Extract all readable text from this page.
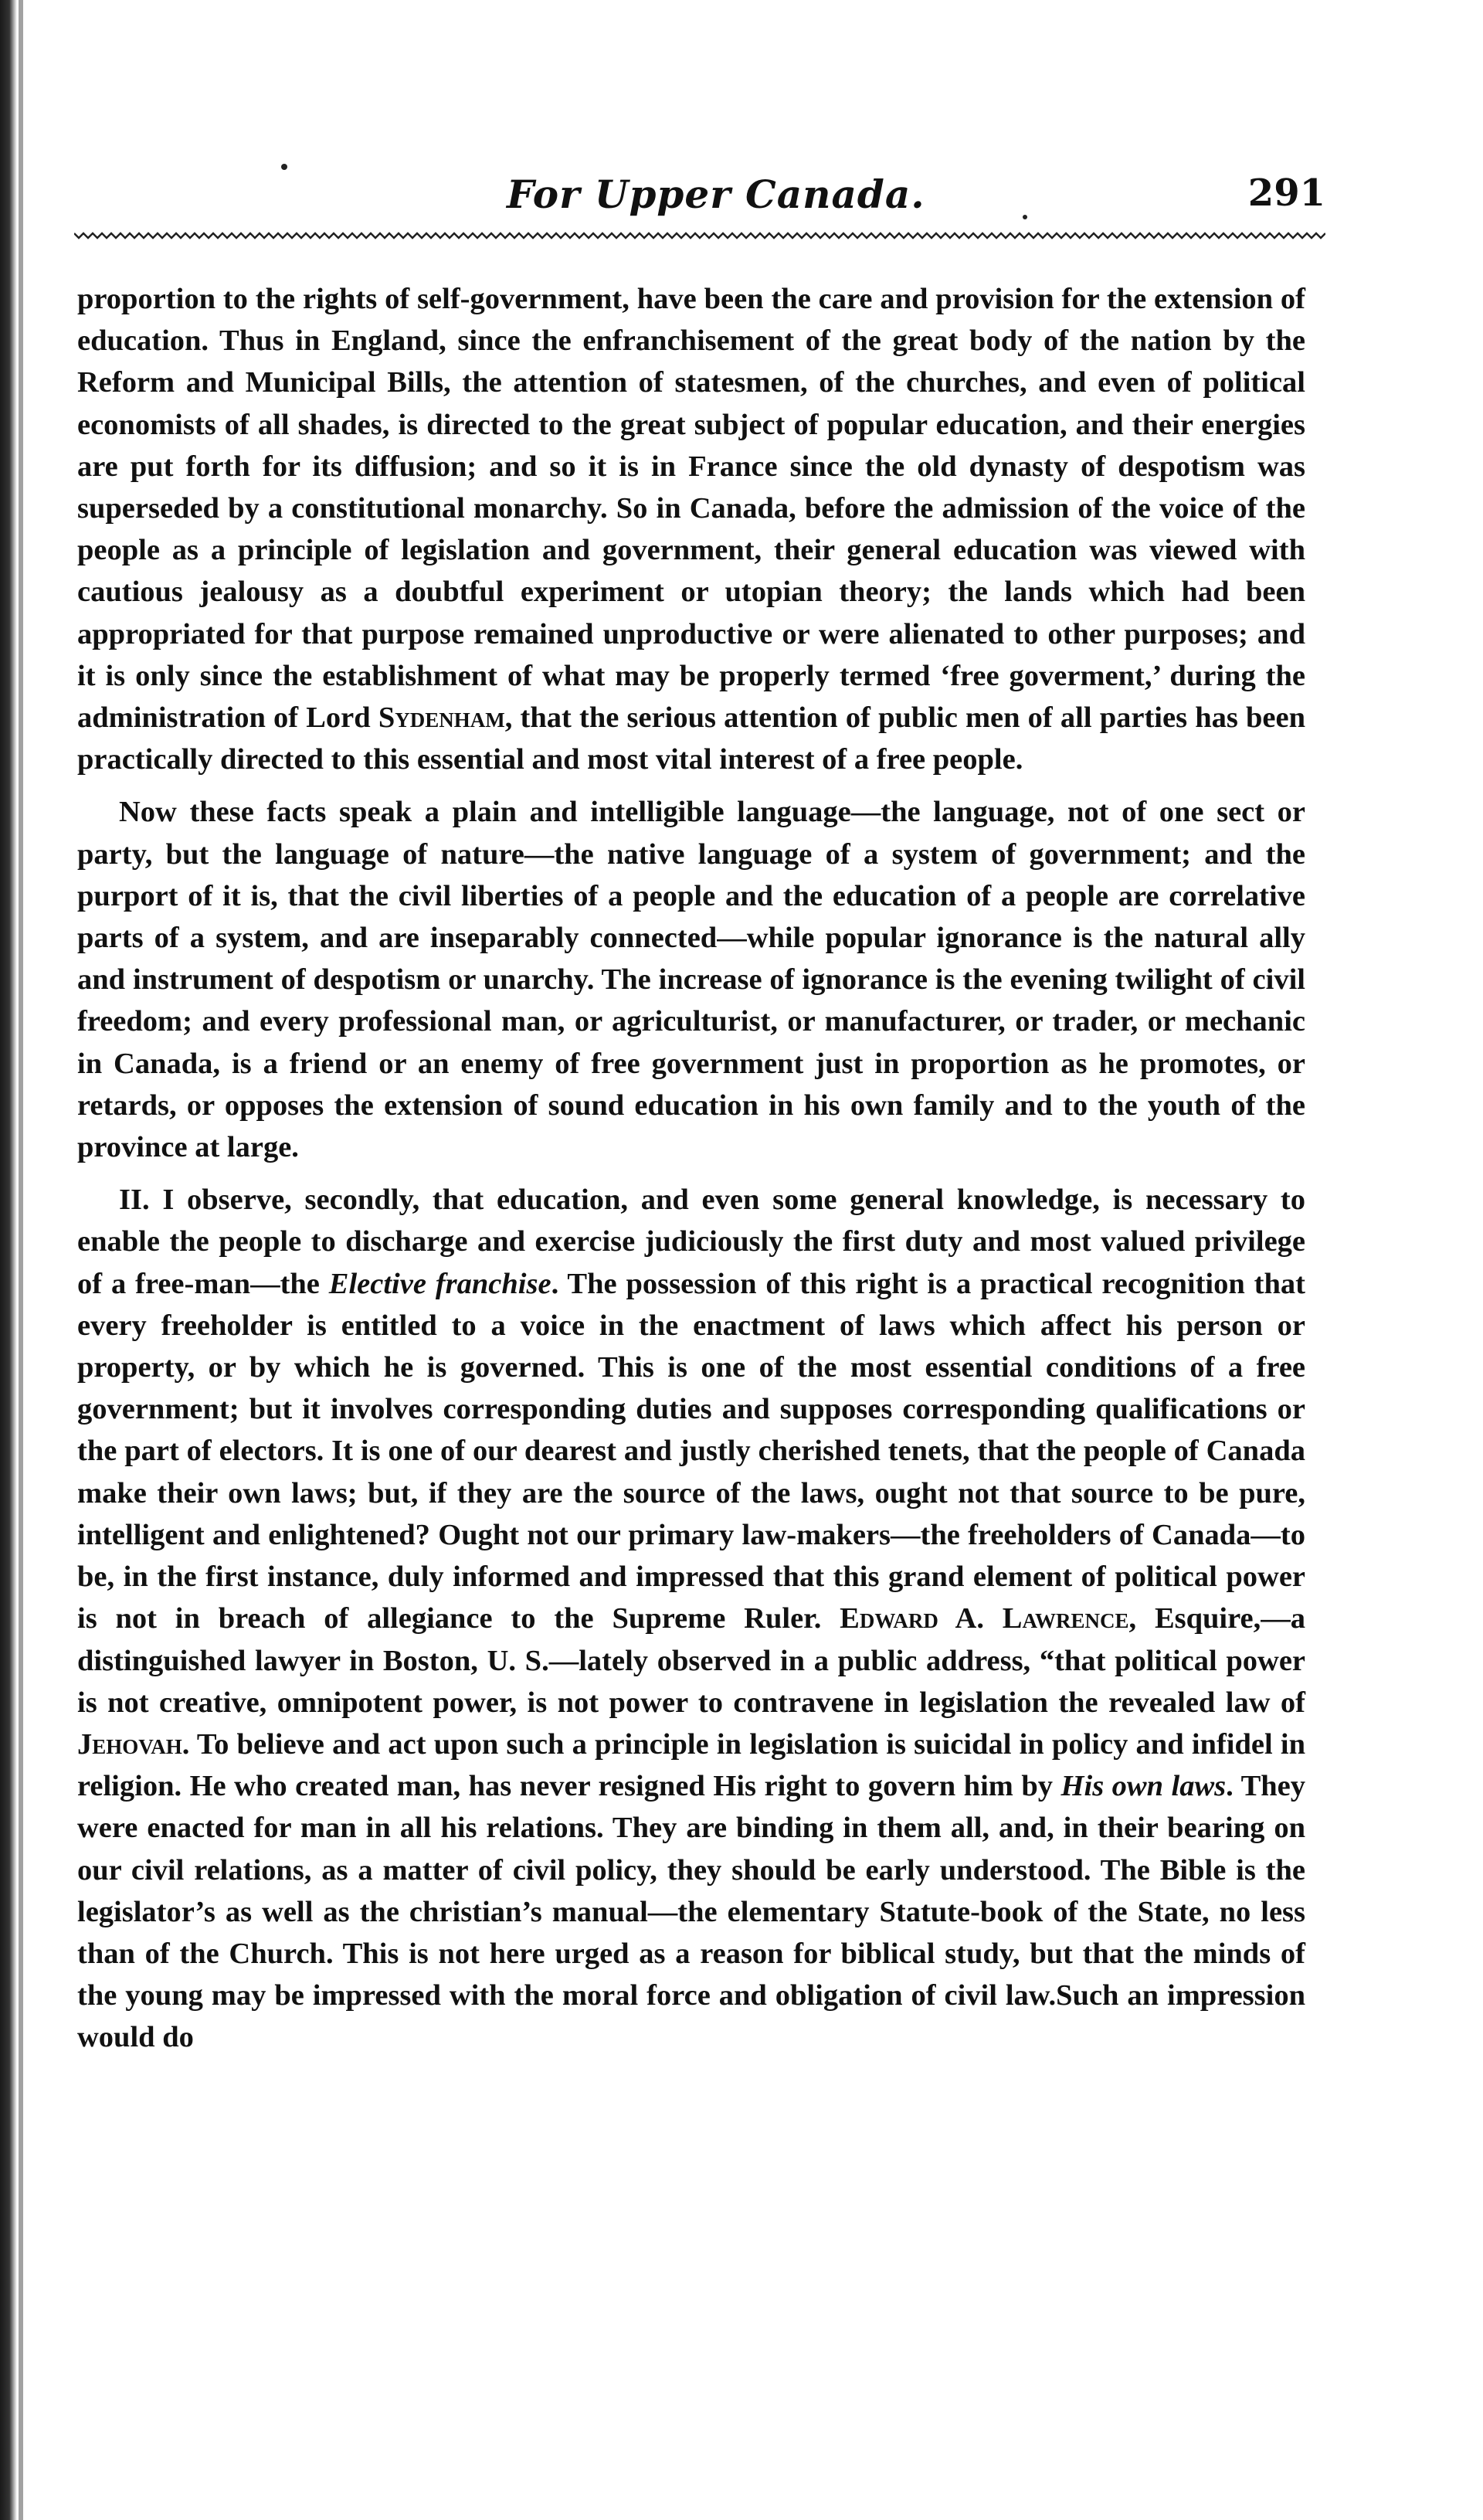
For Upper Canada.	291

proportion to the rights of self-government, have been the care and provision for the extension of education. Thus in England, since the enfranchisement of the great body of the nation by the Reform and Municipal Bills, the attention of statesmen, of the churches, and even of political economists of all shades, is directed to the great subject of popular education, and their energies are put forth for its diffusion; and so it is in France since the old dynasty of despotism was superseded by a constitutional monarchy. So in Canada, before the admission of the voice of the people as a principle of legislation and government, their general education was viewed with cautious jealousy as a doubtful experiment or utopian theory; the lands which had been appropriated for that purpose remained unproductive or were alienated to other purposes; and it is only since the establishment of what may be properly termed ‘free goverment,’ during the administration of Lord Sydenham, that the serious attention of public men of all parties has been practically directed to this essential and most vital interest of a free people.

Now these facts speak a plain and intelligible language—the language, not of one sect or party, but the language of nature—the native language of a system of government; and the purport of it is, that the civil liberties of a people and the education of a people are correlative parts of a system, and are inseparably connected—while popular ignorance is the natural ally and instrument of despotism or unarchy. The increase of ignorance is the evening twilight of civil freedom; and every professional man, or agriculturist, or manufacturer, or trader, or mechanic in Canada, is a friend or an enemy of free government just in proportion as he promotes, or retards, or opposes the extension of sound education in his own family and to the youth of the province at large.

II. I observe, secondly, that education, and even some general knowledge, is necessary to enable the people to discharge and exercise judiciously the first duty and most valued privilege of a free-man—the Elective franchise. The possession of this right is a practical recognition that every freeholder is entitled to a voice in the enactment of laws which affect his person or property, or by which he is governed. This is one of the most essential conditions of a free government; but it involves corresponding duties and supposes corresponding qualifications or the part of electors. It is one of our dearest and justly cherished tenets, that the people of Canada make their own laws; but, if they are the source of the laws, ought not that source to be pure, intelligent and enlightened? Ought not our primary law-makers—the freeholders of Canada—to be, in the first instance, duly informed and impressed that this grand element of political power is not in breach of allegiance to the Supreme Ruler. Edward A. Lawrence, Esquire,—a distinguished lawyer in Boston, U. S.—lately observed in a public address, “that political power is not creative, omnipotent power, is not power to contravene in legislation the revealed law of Jehovah. To believe and act upon such a principle in legislation is suicidal in policy and infidel in religion. He who created man, has never resigned His right to govern him by His own laws. They were enacted for man in all his relations. They are binding in them all, and, in their bearing on our civil relations, as a matter of civil policy, they should be early understood. The Bible is the legislator’s as well as the christian’s manual—the elementary Statute-book of the State, no less than of the Church. This is not here urged as a reason for biblical study, but that the minds of the young may be impressed with the moral force and obligation of civil law.Such an impression would do
